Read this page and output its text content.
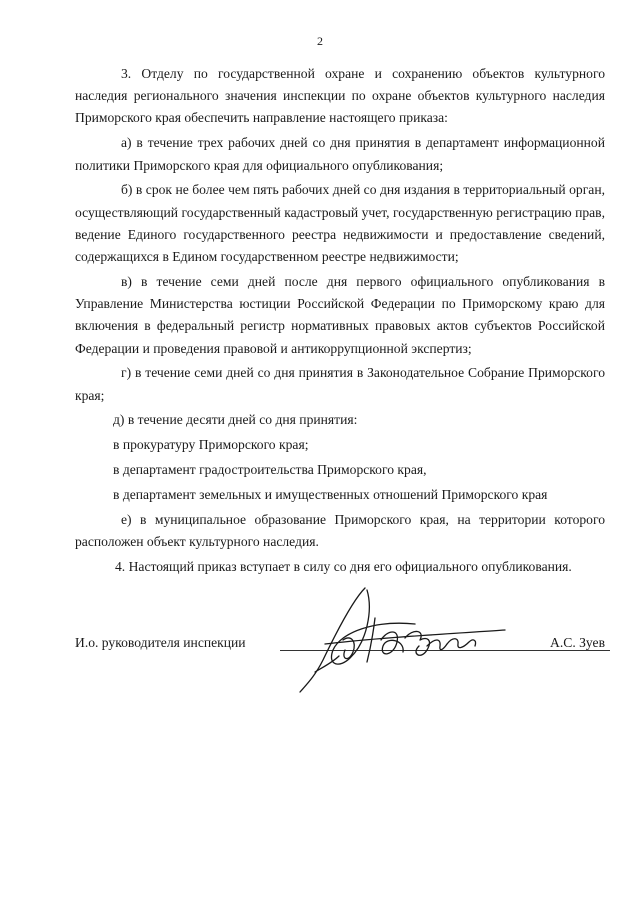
2

3. Отделу по государственной охране и сохранению объектов культурного наследия регионального значения инспекции по охране объектов культурного наследия Приморского края обеспечить направление настоящего приказа:

а) в течение трех рабочих дней со дня принятия в департамент информационной политики Приморского края для официального опубликования;

б) в срок не более чем пять рабочих дней со дня издания в территориальный орган, осуществляющий государственный кадастровый учет, государственную регистрацию прав, ведение Единого государственного реестра недвижимости и предоставление сведений, содержащихся в Едином государственном реестре недвижимости;

в) в течение семи дней после дня первого официального опубликования в Управление Министерства юстиции Российской Федерации по Приморскому краю для включения в федеральный регистр нормативных правовых актов субъектов Российской Федерации и проведения правовой и антикоррупционной экспертиз;

г) в течение семи дней со дня принятия в Законодательное Собрание Приморского края;

д) в течение десяти дней со дня принятия:

в прокуратуру Приморского края;

в департамент градостроительства Приморского края,

в департамент земельных и имущественных отношений Приморского края

е) в муниципальное образование Приморского края, на территории которого расположен объект культурного наследия.

4. Настоящий приказ вступает в силу со дня его официального опубликования.

И.о. руководителя инспекции	А.С. Зуев
